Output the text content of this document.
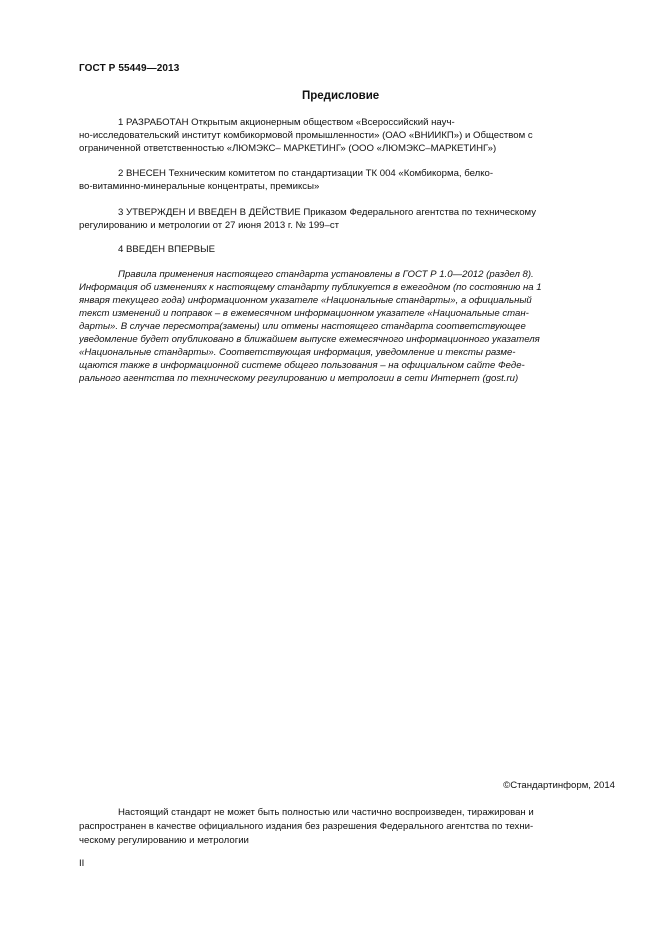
ГОСТ Р 55449—2013
Предисловие
1 РАЗРАБОТАН Открытым акционерным обществом «Всероссийский науч-
но-исследовательский институт комбикормовой промышленности» (ОАО «ВНИИКП») и Обществом с
ограниченной ответственностью «ЛЮМЭКС– МАРКЕТИНГ» (ООО «ЛЮМЭКС–МАРКЕТИНГ»)
2 ВНЕСЕН Техническим комитетом по стандартизации ТК 004 «Комбикорма, белко-
во-витаминно-минеральные концентраты, премиксы»
3 УТВЕРЖДЕН И ВВЕДЕН В ДЕЙСТВИЕ Приказом Федерального агентства по техническому
регулированию и метрологии от 27 июня 2013 г. № 199–ст
4 ВВЕДЕН ВПЕРВЫЕ
Правила применения настоящего стандарта установлены в ГОСТ Р 1.0—2012 (раздел 8).
Информация об изменениях к настоящему стандарту публикуется в ежегодном (по состоянию на 1
января текущего года) информационном указателе «Национальные стандарты», а официальный
текст изменений и поправок – в ежемесячном информационном указателе «Национальные стан-
дарты». В случае пересмотра(замены) или отмены настоящего стандарта соответствующее
уведомление будет опубликовано в ближайшем выпуске ежемесячного информационного указателя
«Национальные стандарты». Соответствующая информация, уведомление и тексты разме-
щаются также в информационной системе общего пользования – на официальном сайте Феде-
рального агентства по техническому регулированию и метрологии в сети Интернет (gost.ru)
©Стандартинформ, 2014
Настоящий стандарт не может быть полностью или частично воспроизведен, тиражирован и
распространен в качестве официального издания без разрешения Федерального агентства по техни-
ческому регулированию и метрологии
II
